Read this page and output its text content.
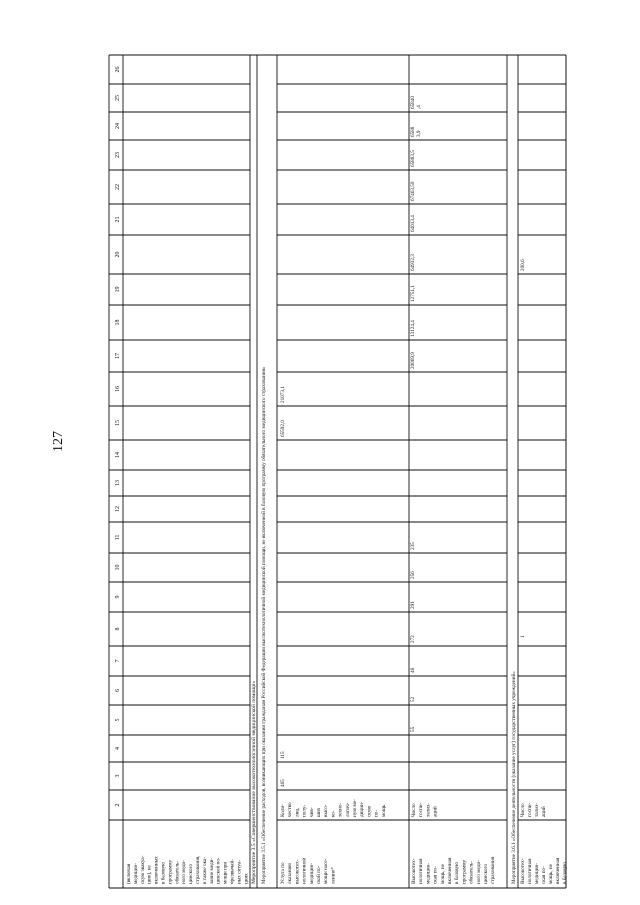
127
2
3
4
5
6
7
8
9
10
11
12
13
14
15
16
17
18
19
20
21
22
23
24
25
26
(включая медицин- скую эвакуа- цию), не включенных в базовую программу обязатель- ного меди- цинского страхования, в также ока- зание меди- цинской по- мощи при чрезвычай- ных ситуа- циях Мероприятие 3.5 «Совершенствование высокотехнологичной медицинской помощи» Мероприятие 3.5.1 «Обеспечение расходов, возникающих при оказании гражданам Российской Федерации высокотехнологичной медицинской помощи, не включенной в базовую программу обязательного медицинского страхования»	Мероприятие 3.6.1 «Обеспечение деятельности (оказание услуг) государственных учреждений»
Услуга по оказанию высокотех- нологичной медицин- ской по- мощи насе- лению*
Коли- чество лиц, полу- чив- ших высо- ко- техно- логич- ную ме- дицин- скую по- мощь
Высокотех- нологичная медицин- ская по- мощь, не включенная в базовую программу обязатель- ного меди- цинского страхования
Число госпи- тализ- аций
Высокотех- нологичная медицин- ская по- мощь, не включенная в базовую
Число госпи- тализ- аций
465
115
65592,0
21073,1
55
52
48
272
291
256
235
20069,9
13124,4
12751,1
64932,3
64013,4
67463,50
65883,5
6588 3,9
65840 ,4
1
200,6
